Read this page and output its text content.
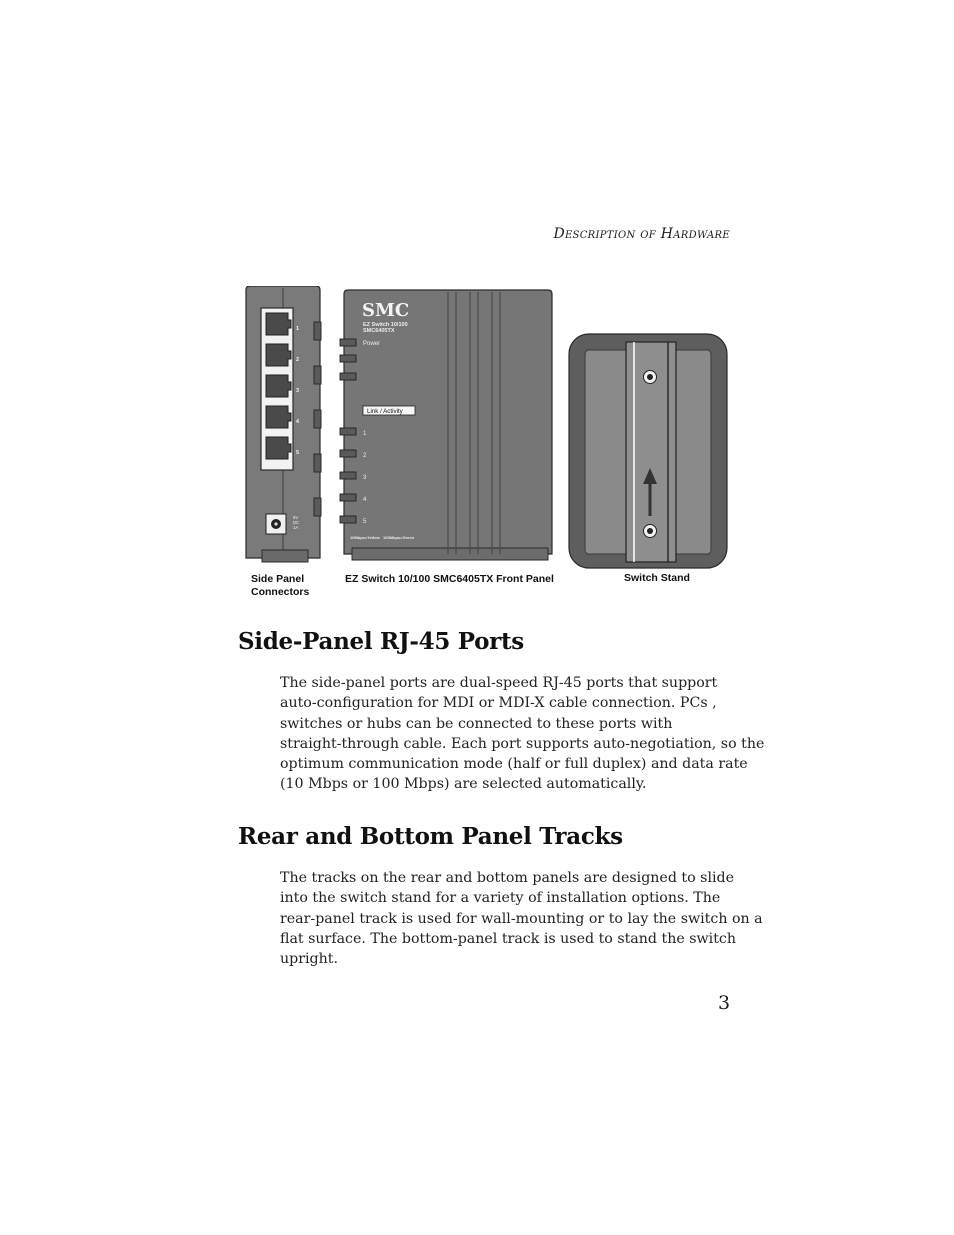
Description of Hardware
1
2
3
4
5
5V
DC
1A
SMC
EZ Switch 10/100
SMC6405TX
Power
Link / Activity
1
2
3
4
5
10Mbps=Yellow   100Mbps=Green
Side Panel
Connectors
EZ Switch 10/100 SMC6405TX Front Panel	Switch Stand
Side-Panel RJ-45 Ports

The side-panel ports are dual-speed RJ-45 ports that support
auto-configuration for MDI or MDI-X cable connection. PCs ,
switches or hubs can be connected to these ports with
straight-through cable. Each port supports auto-negotiation, so the
optimum communication mode (half or full duplex) and data rate
(10 Mbps or 100 Mbps) are selected automatically.

Rear and Bottom Panel Tracks

The tracks on the rear and bottom panels are designed to slide
into the switch stand for a variety of installation options. The
rear-panel track is used for wall-mounting or to lay the switch on a
flat surface. The bottom-panel track is used to stand the switch
upright.

3
